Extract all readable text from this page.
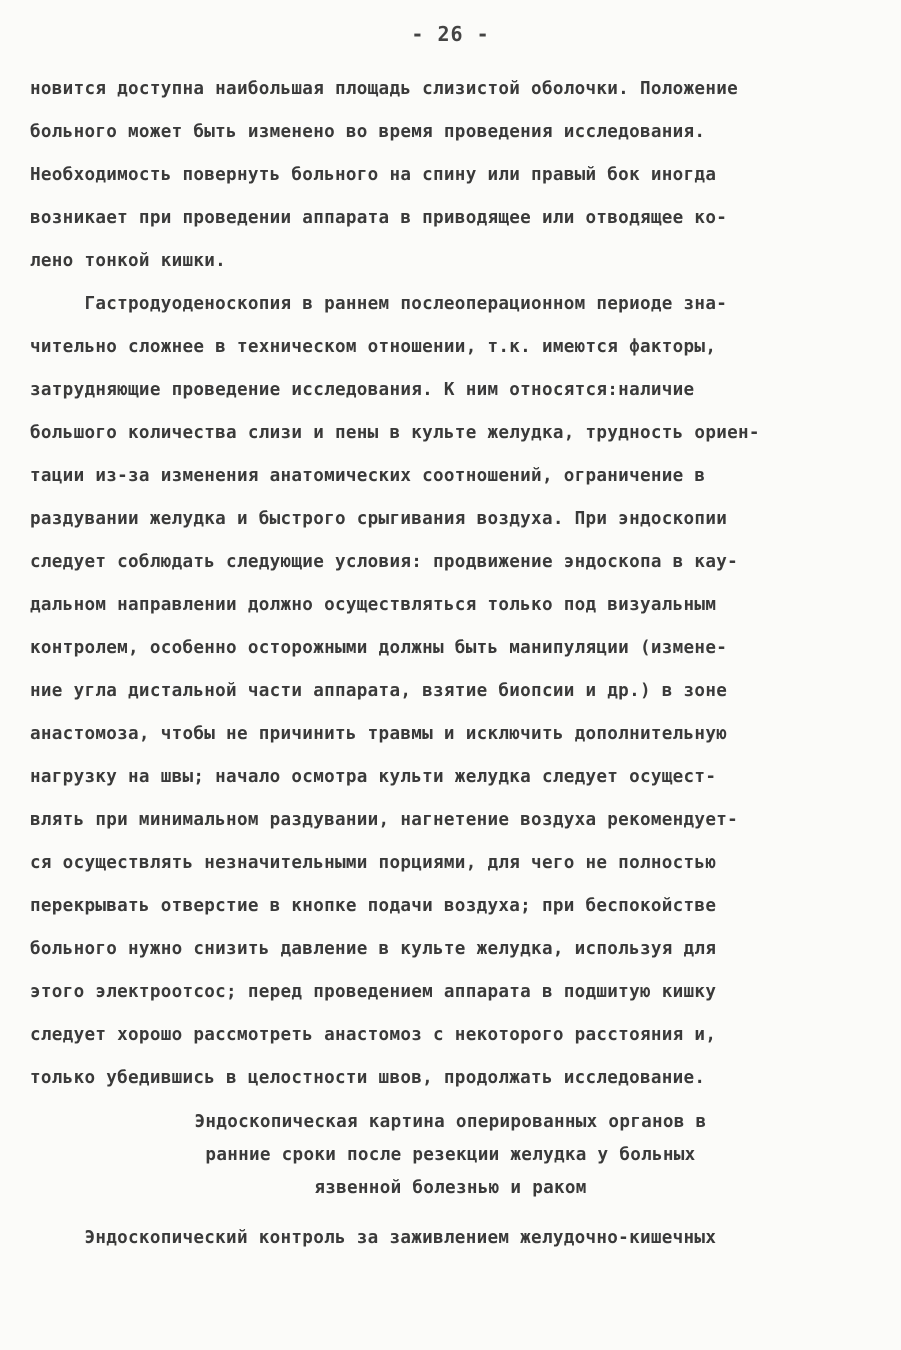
- 26 -
новится доступна наибольшая площадь слизистой оболочки. Положение
больного может быть изменено во время проведения исследования.
Необходимость повернуть больного на спину или правый бок иногда
возникает при проведении аппарата в приводящее или отводящее ко-
лено тонкой кишки.
Гастродуоденоскопия в раннем послеоперационном периоде зна-
чительно сложнее в техническом отношении, т.к. имеются факторы,
затрудняющие проведение исследования. К ним относятся:наличие
большого количества слизи и пены в культе желудка, трудность ориен-
тации из-за изменения анатомических соотношений, ограничение в
раздувании желудка и быстрого срыгивания воздуха. При эндоскопии
следует соблюдать следующие условия: продвижение эндоскопа в кау-
дальном направлении должно осуществляться только под визуальным
контролем, особенно осторожными должны быть манипуляции (измене-
ние угла дистальной части аппарата, взятие биопсии и др.) в зоне
анастомоза, чтобы не причинить травмы и исключить дополнительную
нагрузку на швы; начало осмотра культи желудка следует осущест-
влять при минимальном раздувании, нагнетение воздуха рекомендует-
ся осуществлять незначительными порциями, для чего не полностью
перекрывать отверстие в кнопке подачи воздуха; при беспокойстве
больного нужно снизить давление в культе желудка, используя для
этого электроотсос; перед проведением аппарата в подшитую кишку
следует хорошо рассмотреть анастомоз с некоторого расстояния и,
только убедившись в целостности швов, продолжать исследование.
Эндоскопическая картина оперированных органов в
ранние сроки после резекции желудка у больных
язвенной болезнью и раком
Эндоскопический контроль за заживлением желудочно-кишечных
